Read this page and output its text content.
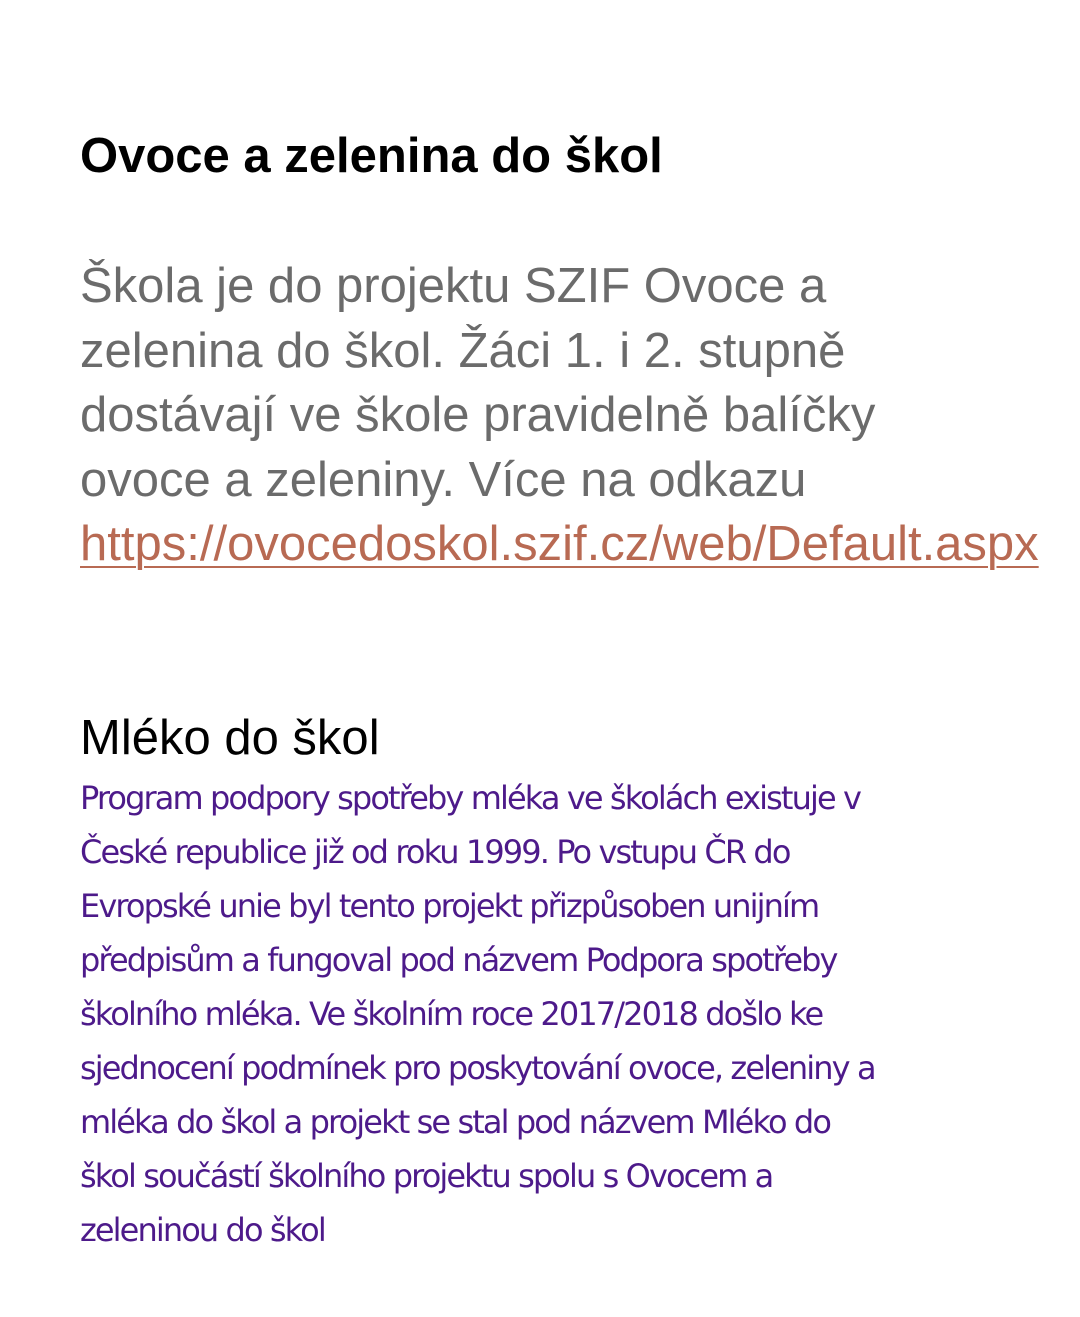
Ovoce a zelenina do škol

Škola je do projektu SZIF Ovoce a zelenina do škol. Žáci 1. i 2. stupně dostávají ve škole pravidelně balíčky ovoce a zeleniny. Více na odkazu https://ovocedoskol.szif.cz/web/Default.aspx

Mléko do škol

Program podpory spotřeby mléka ve školách existuje v
České republice již od roku 1999. Po vstupu ČR do
Evropské unie byl tento projekt přizpůsoben unijním
předpisům a fungoval pod názvem Podpora spotřeby
školního mléka. Ve školním roce 2017/2018 došlo ke
sjednocení podmínek pro poskytování ovoce, zeleniny a
mléka do škol a projekt se stal pod názvem Mléko do
škol součástí školního projektu spolu s Ovocem a
zeleninou do škol
